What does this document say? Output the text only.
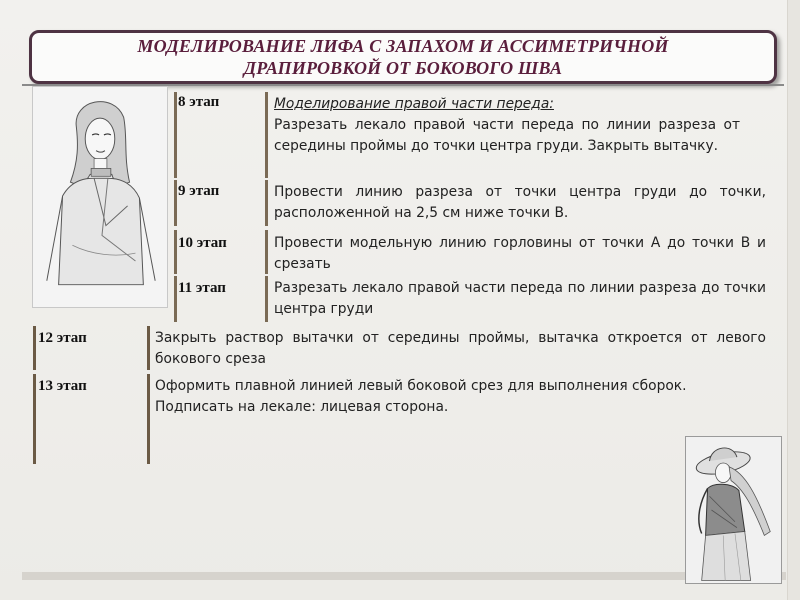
МОДЕЛИРОВАНИЕ ЛИФА С ЗАПАХОМ И АССИМЕТРИЧНОЙ
ДРАПИРОВКОЙ ОТ БОКОВОГО ШВА
8 этап	Моделирование правой части переда:
Разрезать лекало правой части переда по линии разреза от середины проймы до точки центра груди. Закрыть вытачку.
9 этап	Провести линию разреза от точки центра груди до точки, расположенной на 2,5 см ниже точки В.
10 этап	Провести модельную линию горловины от точки А до точки В и срезать
11 этап	Разрезать лекало правой части переда по линии разреза до точки центра груди
12 этап	Закрыть раствор вытачки от середины проймы, вытачка откроется от левого бокового среза
13 этап	Оформить плавной линией левый боковой срез для выполнения сборок.
Подписать на лекале: лицевая сторона.
